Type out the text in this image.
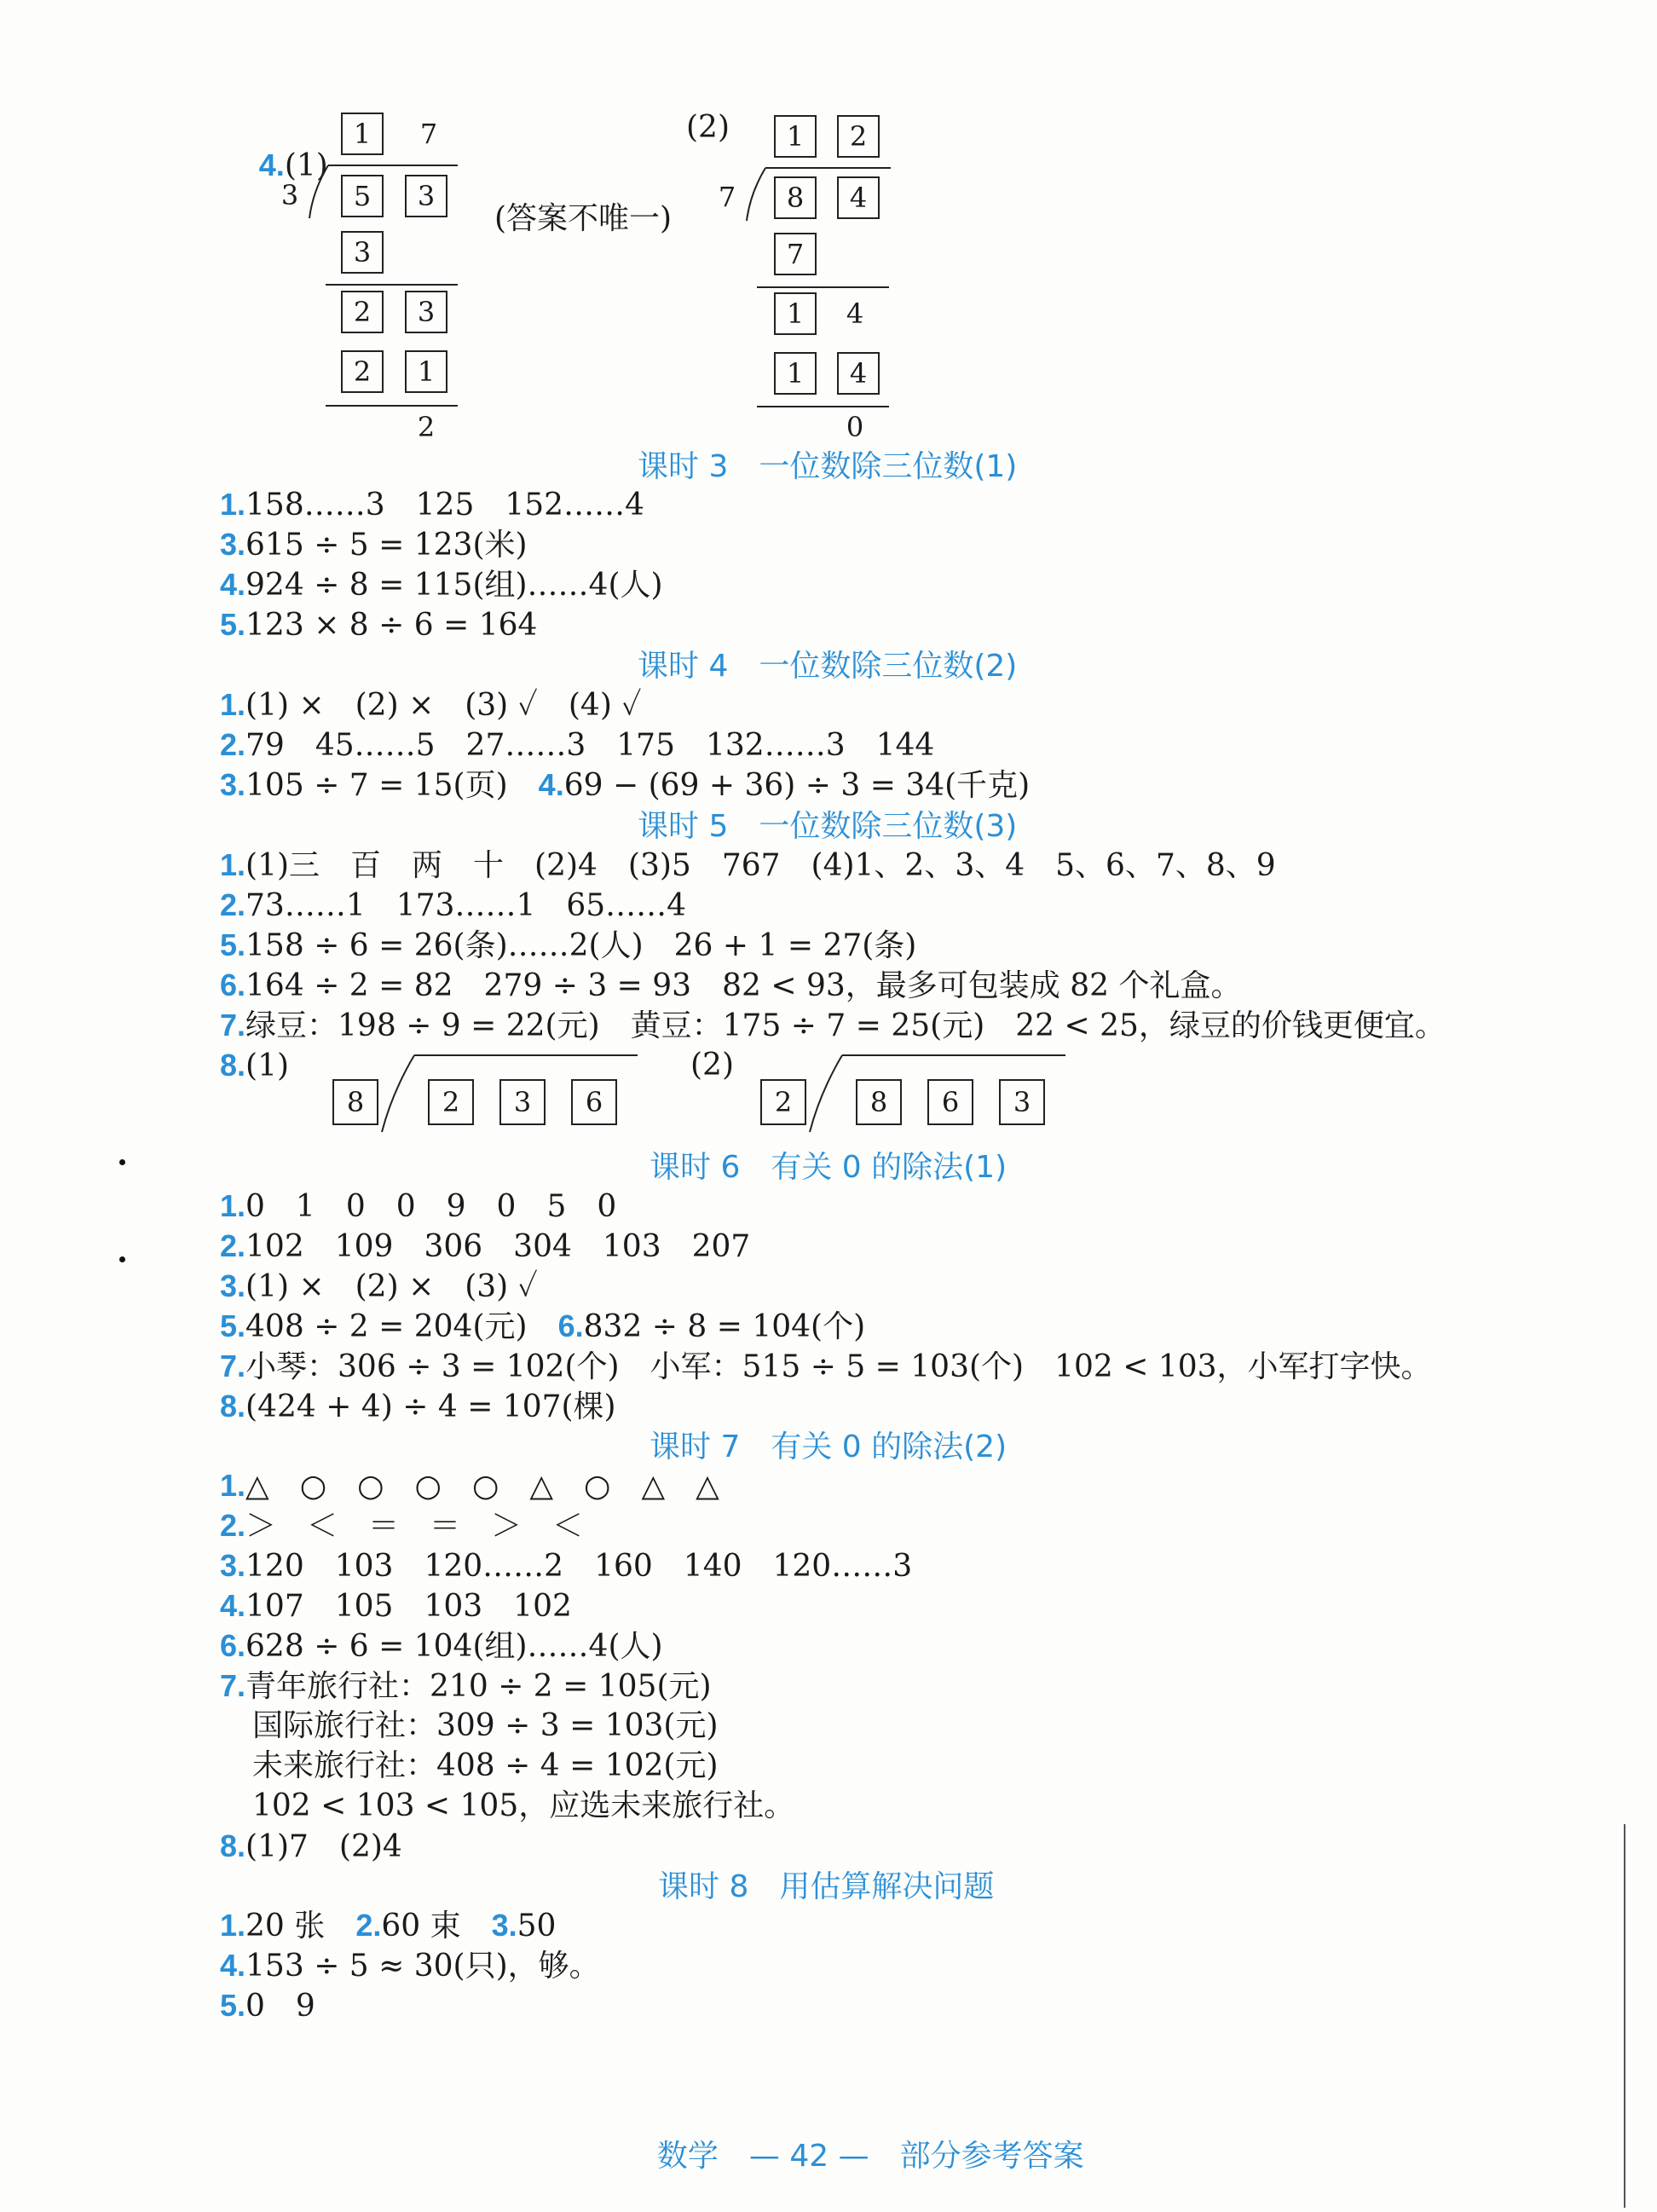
4.(1)

1	7
3	5	3
3
2	3
2	1
2
(答案不唯一)
(2)	1	2
7	8	4
7
1	4
1	4
0
课时 3　一位数除三位数(1)
1.158……3　125　152……4
3.615 ÷ 5 = 123(米)
4.924 ÷ 8 = 115(组)……4(人)
5.123 × 8 ÷ 6 = 164
课时 4　一位数除三位数(2)
1.(1) ×　(2) ×　(3) ✓　(4) ✓
2.79　45……5　27……3　175　132……3　144
3.105 ÷ 7 = 15(页)　 4.69 − (69 + 36) ÷ 3 = 34(千克)
课时 5　一位数除三位数(3)
1.(1)三　百　两　十　(2)4　(3)5　767　(4)1、2、3、4　5、6、7、8、9
2.73……1　173……1　65……4
5.158 ÷ 6 = 26(条)……2(人)　26 + 1 = 27(条)
6.164 ÷ 2 = 82　279 ÷ 3 = 93　82 < 93，最多可包装成 82 个礼盒。
7.绿豆：198 ÷ 9 = 22(元)　黄豆：175 ÷ 7 = 25(元)　22 < 25，绿豆的价钱更便宜。
8.(1)
8	2	3	6
(2)
2	8	6	3
课时 6　有关 0 的除法(1)
1.0　1　0　0　9　0　5　0
2.102　109　306　304　103　207
3.(1) ×　(2) ×　(3) ✓
5.408 ÷ 2 = 204(元)　 6.832 ÷ 8 = 104(个)
7.小琴：306 ÷ 3 = 102(个)　小军：515 ÷ 5 = 103(个)　102 < 103，小军打字快。
8.(424 + 4) ÷ 4 = 107(棵)
课时 7　有关 0 的除法(2)
1.△　○　○　○　○　△　○　△　△
2.＞　＜　＝　＝　＞　＜
3.120　103　120……2　160　140　120……3
4.107　105　103　102
6.628 ÷ 6 = 104(组)……4(人)
7.青年旅行社：210 ÷ 2 = 105(元)
国际旅行社：309 ÷ 3 = 103(元)
未来旅行社：408 ÷ 4 = 102(元)
102 < 103 < 105，应选未来旅行社。
8.(1)7　(2)4
课时 8　用估算解决问题
1.20 张　 2.60 束　 3.50
4.153 ÷ 5 ≈ 30(只)，够。
5.0　9

数学　 — 42 —　 部分参考答案
